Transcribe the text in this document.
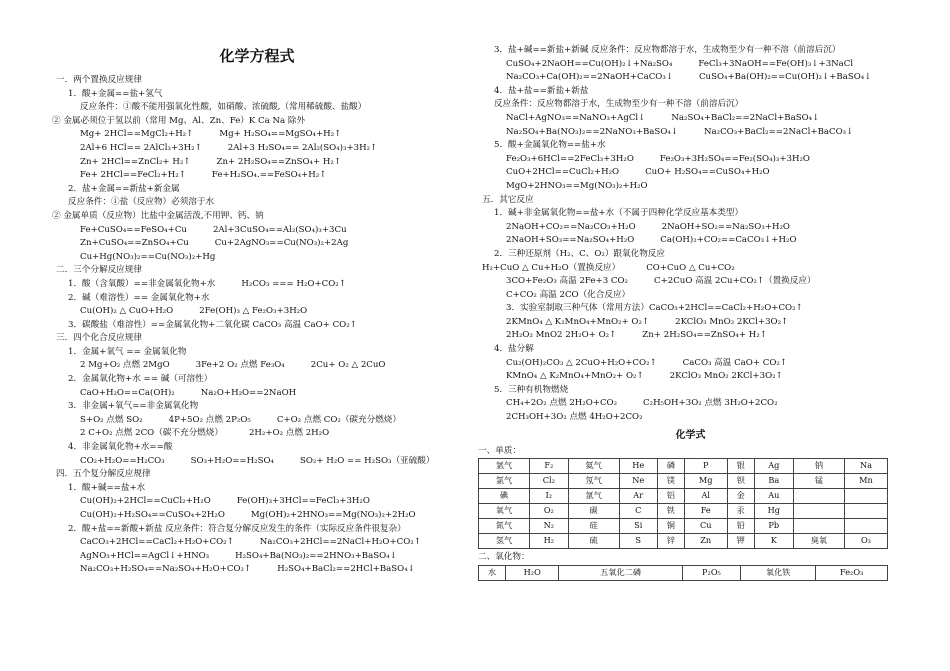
化学方程式
一．两个置换反应规律
1．酸+金属==盐+氢气
反应条件：①酸不能用强氧化性酸，如硝酸、浓硫酸,（常用稀硫酸、盐酸）
② 金属必须位于氢以前（常用 Mg、Al、Zn、Fe）K Ca Na 除外
Mg+ 2HCl==MgCl₂+H₂↑	Mg+ H₂SO₄==MgSO₄+H₂↑
2Al+6 HCl== 2AlCl₃+3H₂↑	2Al+3 H₂SO₄== 2Al₂(SO₄)₃+3H₂↑
Zn+ 2HCl==ZnCl₂+ H₂↑	Zn+ 2H₂SO₄==ZnSO₄+ H₂↑
Fe+ 2HCl==FeCl₂+H₂↑	Fe+H₂SO₄.==FeSO₄+H₂↑
2．盐+金属==新盐+新金属
反应条件：①盐（反应物）必须溶于水
② 金属单质（反应物）比盐中金属活泼,不用钾、钙、钠
Fe+CuSO₄==FeSO₄+Cu	2Al+3CuSO₄==Al₂(SO₄)₃+3Cu
Zn+CuSO₄==ZnSO₄+Cu	Cu+2AgNO₃==Cu(NO₃)₂+2Ag
Cu+Hg(NO₃)₂==Cu(NO₃)₂+Hg
二．三个分解反应规律
1．酸（含氧酸）==非金属氧化物+水	H₂CO₃ === H₂O+CO₂↑
2．碱（难溶性）== 金属氧化物+水
Cu(OH)₂ △ CuO+H₂O	2Fe(OH)₃ △ Fe₂O₃+3H₂O
3．碳酸盐（难溶性）==金属氧化物+二氧化碳 CaCO₃ 高温 CaO+ CO₂↑
三．四个化合反应规律
1．金属+氧气 == 金属氧化物
2 Mg+O₂ 点燃 2MgO	3Fe+2 O₂ 点燃 Fe₃O₄	2Cu+ O₂ △ 2CuO
2．金属氧化物+水 == 碱（可溶性）
CaO+H₂O==Ca(OH)₂	Na₂O+H₂O==2NaOH
3．非金属+氧气==非金属氧化物
S+O₂ 点燃 SO₂	4P+5O₂ 点燃 2P₂O₅	C+O₂ 点燃 CO₂（碳充分燃烧）
2 C+O₂ 点燃 2CO（碳不充分燃烧）	2H₂+O₂ 点燃 2H₂O
4．非金属氧化物+水==酸
CO₂+H₂O==H₂CO₃	SO₃+H₂O==H₂SO₄	SO₂+ H₂O == H₂SO₃（亚硫酸）
四．五个复分解反应规律
1．酸+碱==盐+水
Cu(OH)₂+2HCl==CuCl₂+H₂O	Fe(OH)₃+3HCl==FeCl₃+3H₂O
Cu(OH)₂+H₂SO₄==CuSO₄+2H₂O	Mg(OH)₂+2HNO₃==Mg(NO₃)₂+2H₂O
2．酸+盐==新酸+新盐 反应条件：符合复分解反应发生的条件（实际反应条件很复杂）
CaCO₃+2HCl==CaCl₂+H₂O+CO₂↑	Na₂CO₃+2HCl==2NaCl+H₂O+CO₂↑
AgNO₃+HCl==AgCl↓+HNO₃	H₂SO₄+Ba(NO₃)₂==2HNO₃+BaSO₄↓
Na₂CO₃+H₂SO₄==Na₂SO₄+H₂O+CO₂↑	H₂SO₄+BaCl₂==2HCl+BaSO₄↓
3．盐+碱==新盐+新碱 反应条件：反应物都溶于水，生成物至少有一种不溶（前溶后沉）
CuSO₄+2NaOH==Cu(OH)₂↓+Na₂SO₄	FeCl₃+3NaOH==Fe(OH)₃↓+3NaCl
Na₂CO₃+Ca(OH)₂==2NaOH+CaCO₃↓	CuSO₄+Ba(OH)₂==Cu(OH)₂↓+BaSO₄↓
4．盐+盐==新盐+新盐
反应条件：反应物都溶于水，生成物至少有一种不溶（前溶后沉）
NaCl+AgNO₃==NaNO₃+AgCl↓	Na₂SO₄+BaCl₂==2NaCl+BaSO₄↓
Na₂SO₄+Ba(NO₃)₂==2NaNO₃+BaSO₄↓	Na₂CO₃+BaCl₂==2NaCl+BaCO₃↓
5．酸+金属氧化物==盐+水
Fe₂O₃+6HCl==2FeCl₃+3H₂O	Fe₂O₃+3H₂SO₄==Fe₂(SO₄)₃+3H₂O
CuO+2HCl==CuCl₂+H₂O	CuO+ H₂SO₄==CuSO₄+H₂O
MgO+2HNO₃==Mg(NO₃)₂+H₂O
五．其它反应
1．碱+非金属氧化物==盐+水（不属于四种化学反应基本类型）
2NaOH+CO₂==Na₂CO₃+H₂O	2NaOH+SO₂==Na₂SO₃+H₂O
2NaOH+SO₃==Na₂SO₄+H₂O	Ca(OH)₂+CO₂==CaCO₃↓+H₂O
2．三种还原剂（H₂、C、O₂）跟氧化物反应
H₂+CuO △ Cu+H₂O（置换反应）	CO+CuO △ Cu+CO₂
3CO+Fe₂O₃ 高温 2Fe+3 CO₂	C+2CuO 高温 2Cu+CO₂↑（置换反应）
C+CO₂ 高温 2CO（化合反应）
3．实验室制取三种气体（常用方法）CaCO₃+2HCl==CaCl₂+H₂O+CO₂↑
2KMnO₄ △ K₂MnO₄+MnO₂+ O₂↑	2KClO₃ MnO₂ 2KCl+3O₂↑
2H₂O₂ MnO2 2H₂O+ O₂↑	Zn+ 2H₂SO₄==ZnSO₄+ H₂↑
4．盐分解
Cu₂(OH)₂CO₃ △ 2CuO+H₂O+CO₂↑	CaCO₃ 高温 CaO+ CO₂↑
KMnO₄ △ K₂MnO₄+MnO₂+ O₂↑	2KClO₃ MnO₂ 2KCl+3O₂↑
5．三种有机物燃烧
CH₄+2O₂ 点燃 2H₂O+CO₂	C₂H₅OH+3O₂ 点燃 3H₂O+2CO₂
2CH₃OH+3O₂ 点燃 4H₂O+2CO₂
化学式
一、单质：
氩气	F₂	氦气	He	磷	P	银	Ag	钠	Na
氯气	Cl₂	氖气	Ne	镁	Mg	钡	Ba	锰	Mn
碘	I₂	氩气	Ar	铝	Al	金	Au		
氧气	O₂	碳	C	铁	Fe	汞	Hg		
氮气	N₂	硅	Si	铜	Cu	铅	Pb		
氢气	H₂	硫	S	锌	Zn	钾	K	臭氧	O₃
二、氧化物：
水	H₂O	五氧化二磷	P₂O₅	氧化铁	Fe₂O₃
